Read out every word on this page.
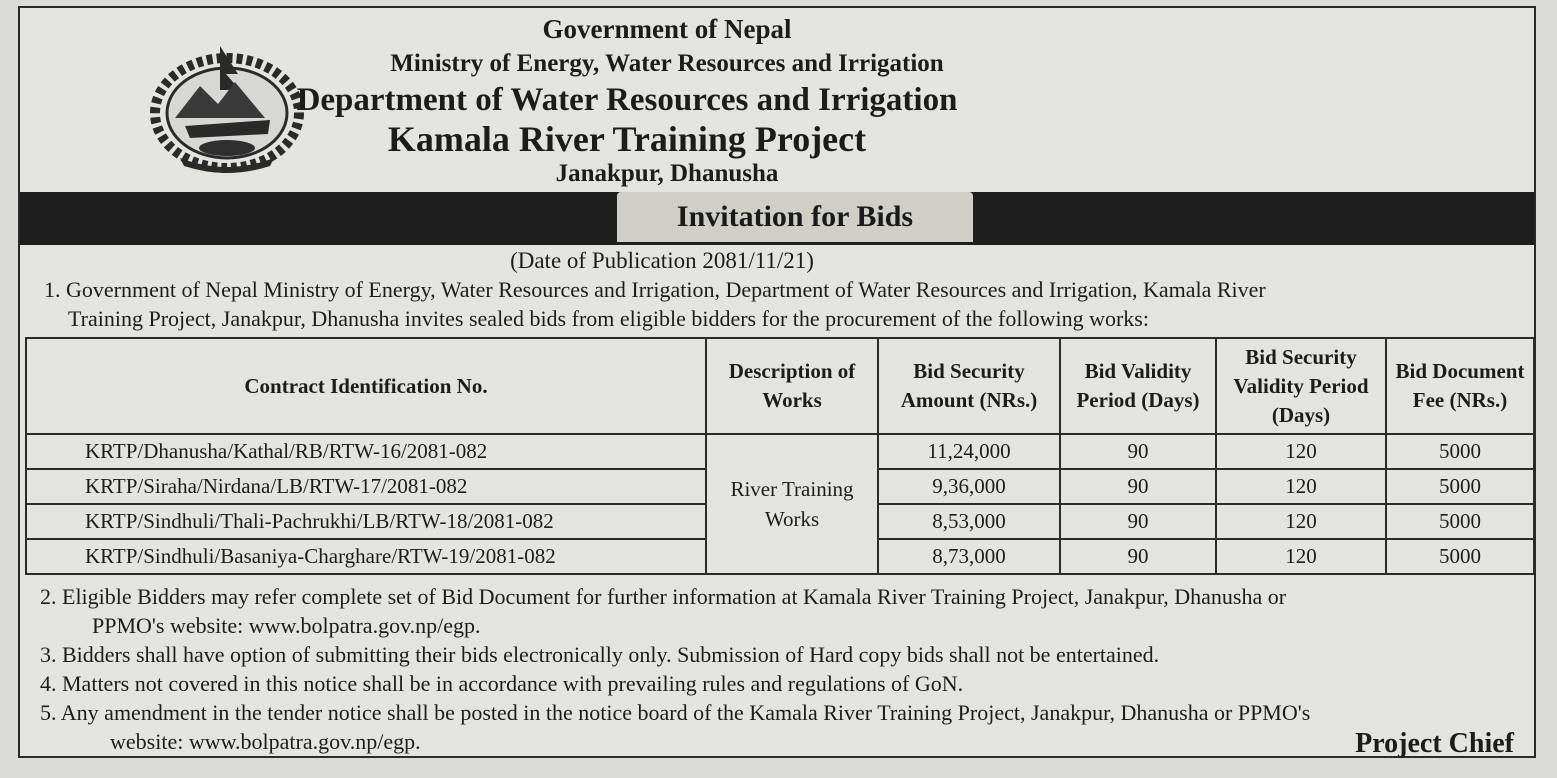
Government of Nepal
Ministry of Energy, Water Resources and Irrigation
Department of Water Resources and Irrigation
Kamala River Training Project
Janakpur, Dhanusha
Invitation for Bids
(Date of Publication 2081/11/21)
1. Government of Nepal Ministry of Energy, Water Resources and Irrigation, Department of Water Resources and Irrigation, Kamala River
Training Project, Janakpur, Dhanusha invites sealed bids from eligible bidders for the procurement of the following works:
Contract Identification No.	Description of Works	Bid Security Amount (NRs.)	Bid Validity Period (Days)	Bid Security Validity Period (Days)	Bid Document Fee (NRs.)
KRTP/Dhanusha/Kathal/RB/RTW-16/2081-082	River Training Works	11,24,000	90	120	5000
KRTP/Siraha/Nirdana/LB/RTW-17/2081-082		9,36,000	90	120	5000
KRTP/Sindhuli/Thali-Pachrukhi/LB/RTW-18/2081-082		8,53,000	90	120	5000
KRTP/Sindhuli/Basaniya-Charghare/RTW-19/2081-082		8,73,000	90	120	5000
2. Eligible Bidders may refer complete set of Bid Document for further information at Kamala River Training Project, Janakpur, Dhanusha or
PPMO's website: www.bolpatra.gov.np/egp.
3. Bidders shall have option of submitting their bids electronically only. Submission of Hard copy bids shall not be entertained.
4. Matters not covered in this notice shall be in accordance with prevailing rules and regulations of GoN.
5. Any amendment in the tender notice shall be posted in the notice board of the Kamala River Training Project, Janakpur, Dhanusha or PPMO's
website: www.bolpatra.gov.np/egp.	Project Chief
